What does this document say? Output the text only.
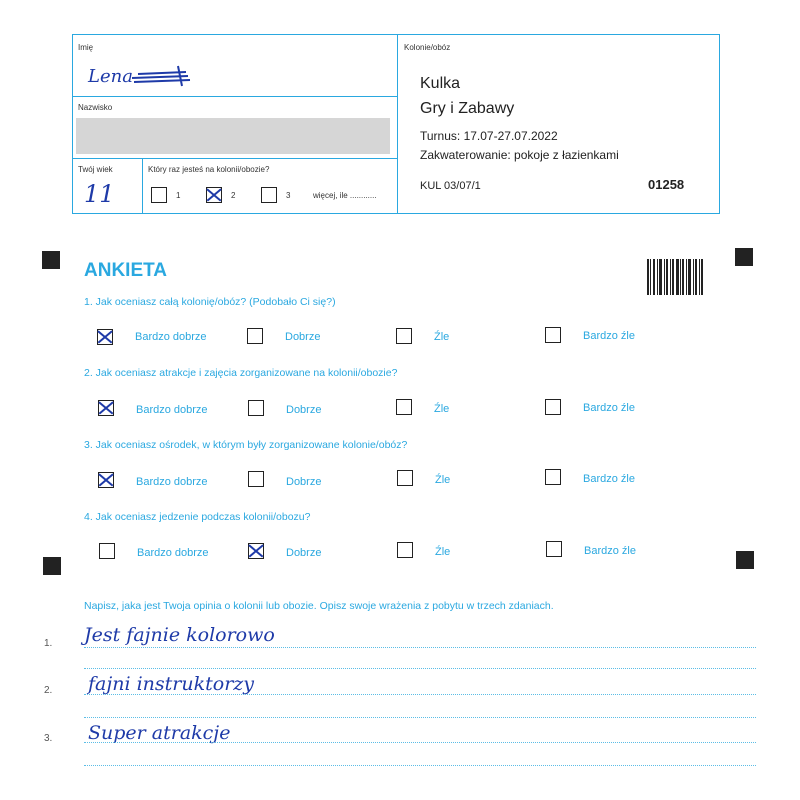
Imię
Lena
Nazwisko
Twój wiek
11
Który raz jesteś na kolonii/obozie?
1	2	3	więcej, ile ............
Kolonie/obóz
Kulka
Gry i Zabawy
Turnus: 17.07-27.07.2022
Zakwaterowanie: pokoje z łazienkami
KUL 03/07/1	01258
ANKIETA
1. Jak oceniasz całą kolonię/obóz? (Podobało Ci się?)
Bardzo dobrze	Dobrze	Źle	Bardzo źle
2. Jak oceniasz atrakcje i zajęcia zorganizowane na kolonii/obozie?
Bardzo dobrze	Dobrze	Źle	Bardzo źle
3. Jak oceniasz ośrodek, w którym były zorganizowane kolonie/obóz?
Bardzo dobrze	Dobrze	Źle	Bardzo źle
4. Jak oceniasz jedzenie podczas kolonii/obozu?
Bardzo dobrze	Dobrze	Źle	Bardzo źle
Napisz, jaka jest Twoja opinia o kolonii lub obozie. Opisz swoje wrażenia z pobytu w trzech zdaniach.
1. Jest fajnie kolorowo
2. fajni instruktorzy
3. Super atrakcje
